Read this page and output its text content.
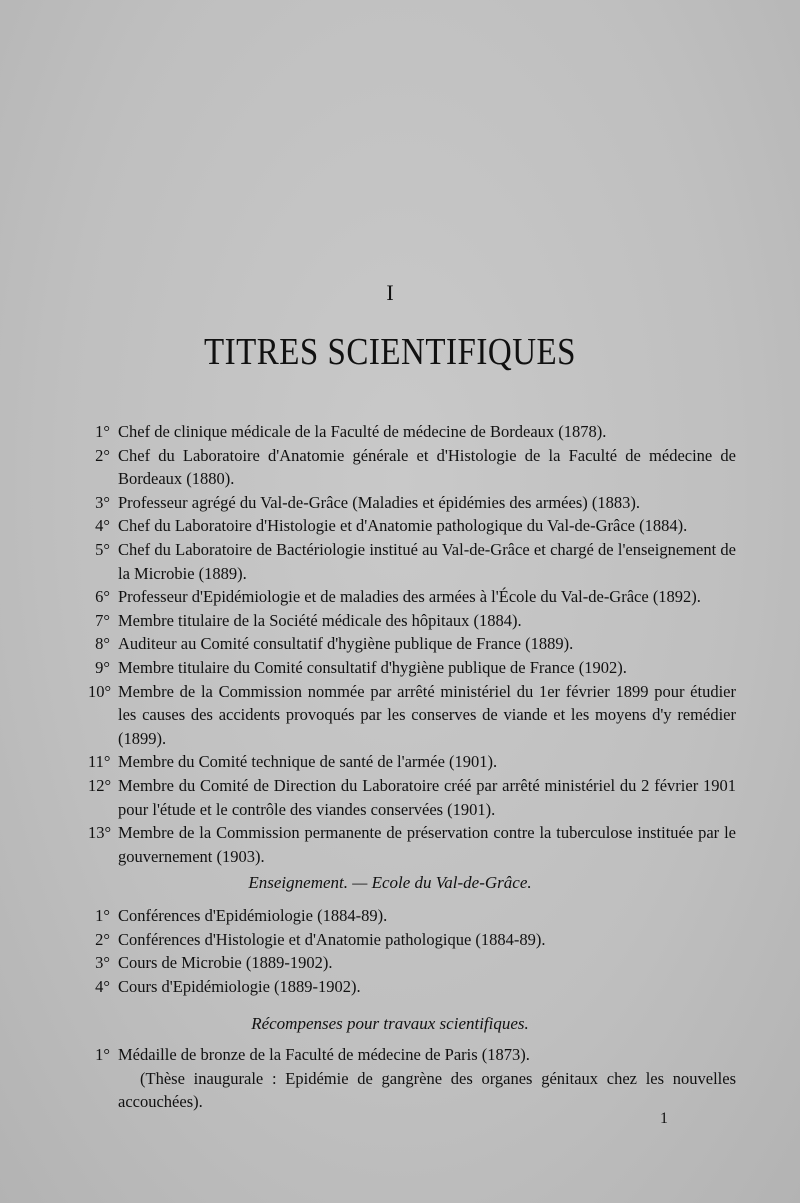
I
TITRES SCIENTIFIQUES
1° Chef de clinique médicale de la Faculté de médecine de Bordeaux (1878).
2° Chef du Laboratoire d'Anatomie générale et d'Histologie de la Faculté de médecine de Bordeaux (1880).
3° Professeur agrégé du Val-de-Grâce (Maladies et épidémies des armées) (1883).
4° Chef du Laboratoire d'Histologie et d'Anatomie pathologique du Val-de-Grâce (1884).
5° Chef du Laboratoire de Bactériologie institué au Val-de-Grâce et chargé de l'enseignement de la Microbie (1889).
6° Professeur d'Epidémiologie et de maladies des armées à l'École du Val-de-Grâce (1892).
7° Membre titulaire de la Société médicale des hôpitaux (1884).
8° Auditeur au Comité consultatif d'hygiène publique de France (1889).
9° Membre titulaire du Comité consultatif d'hygiène publique de France (1902).
10° Membre de la Commission nommée par arrêté ministériel du 1er février 1899 pour étudier les causes des accidents provoqués par les conserves de viande et les moyens d'y remédier (1899).
11° Membre du Comité technique de santé de l'armée (1901).
12° Membre du Comité de Direction du Laboratoire créé par arrêté ministériel du 2 février 1901 pour l'étude et le contrôle des viandes conservées (1901).
13° Membre de la Commission permanente de préservation contre la tuberculose instituée par le gouvernement (1903).
Enseignement. — Ecole du Val-de-Grâce.
1° Conférences d'Epidémiologie (1884-89).
2° Conférences d'Histologie et d'Anatomie pathologique (1884-89).
3° Cours de Microbie (1889-1902).
4° Cours d'Epidémiologie (1889-1902).
Récompenses pour travaux scientifiques.
1° Médaille de bronze de la Faculté de médecine de Paris (1873).
(Thèse inaugurale : Epidémie de gangrène des organes génitaux chez les nouvelles accouchées).
1
